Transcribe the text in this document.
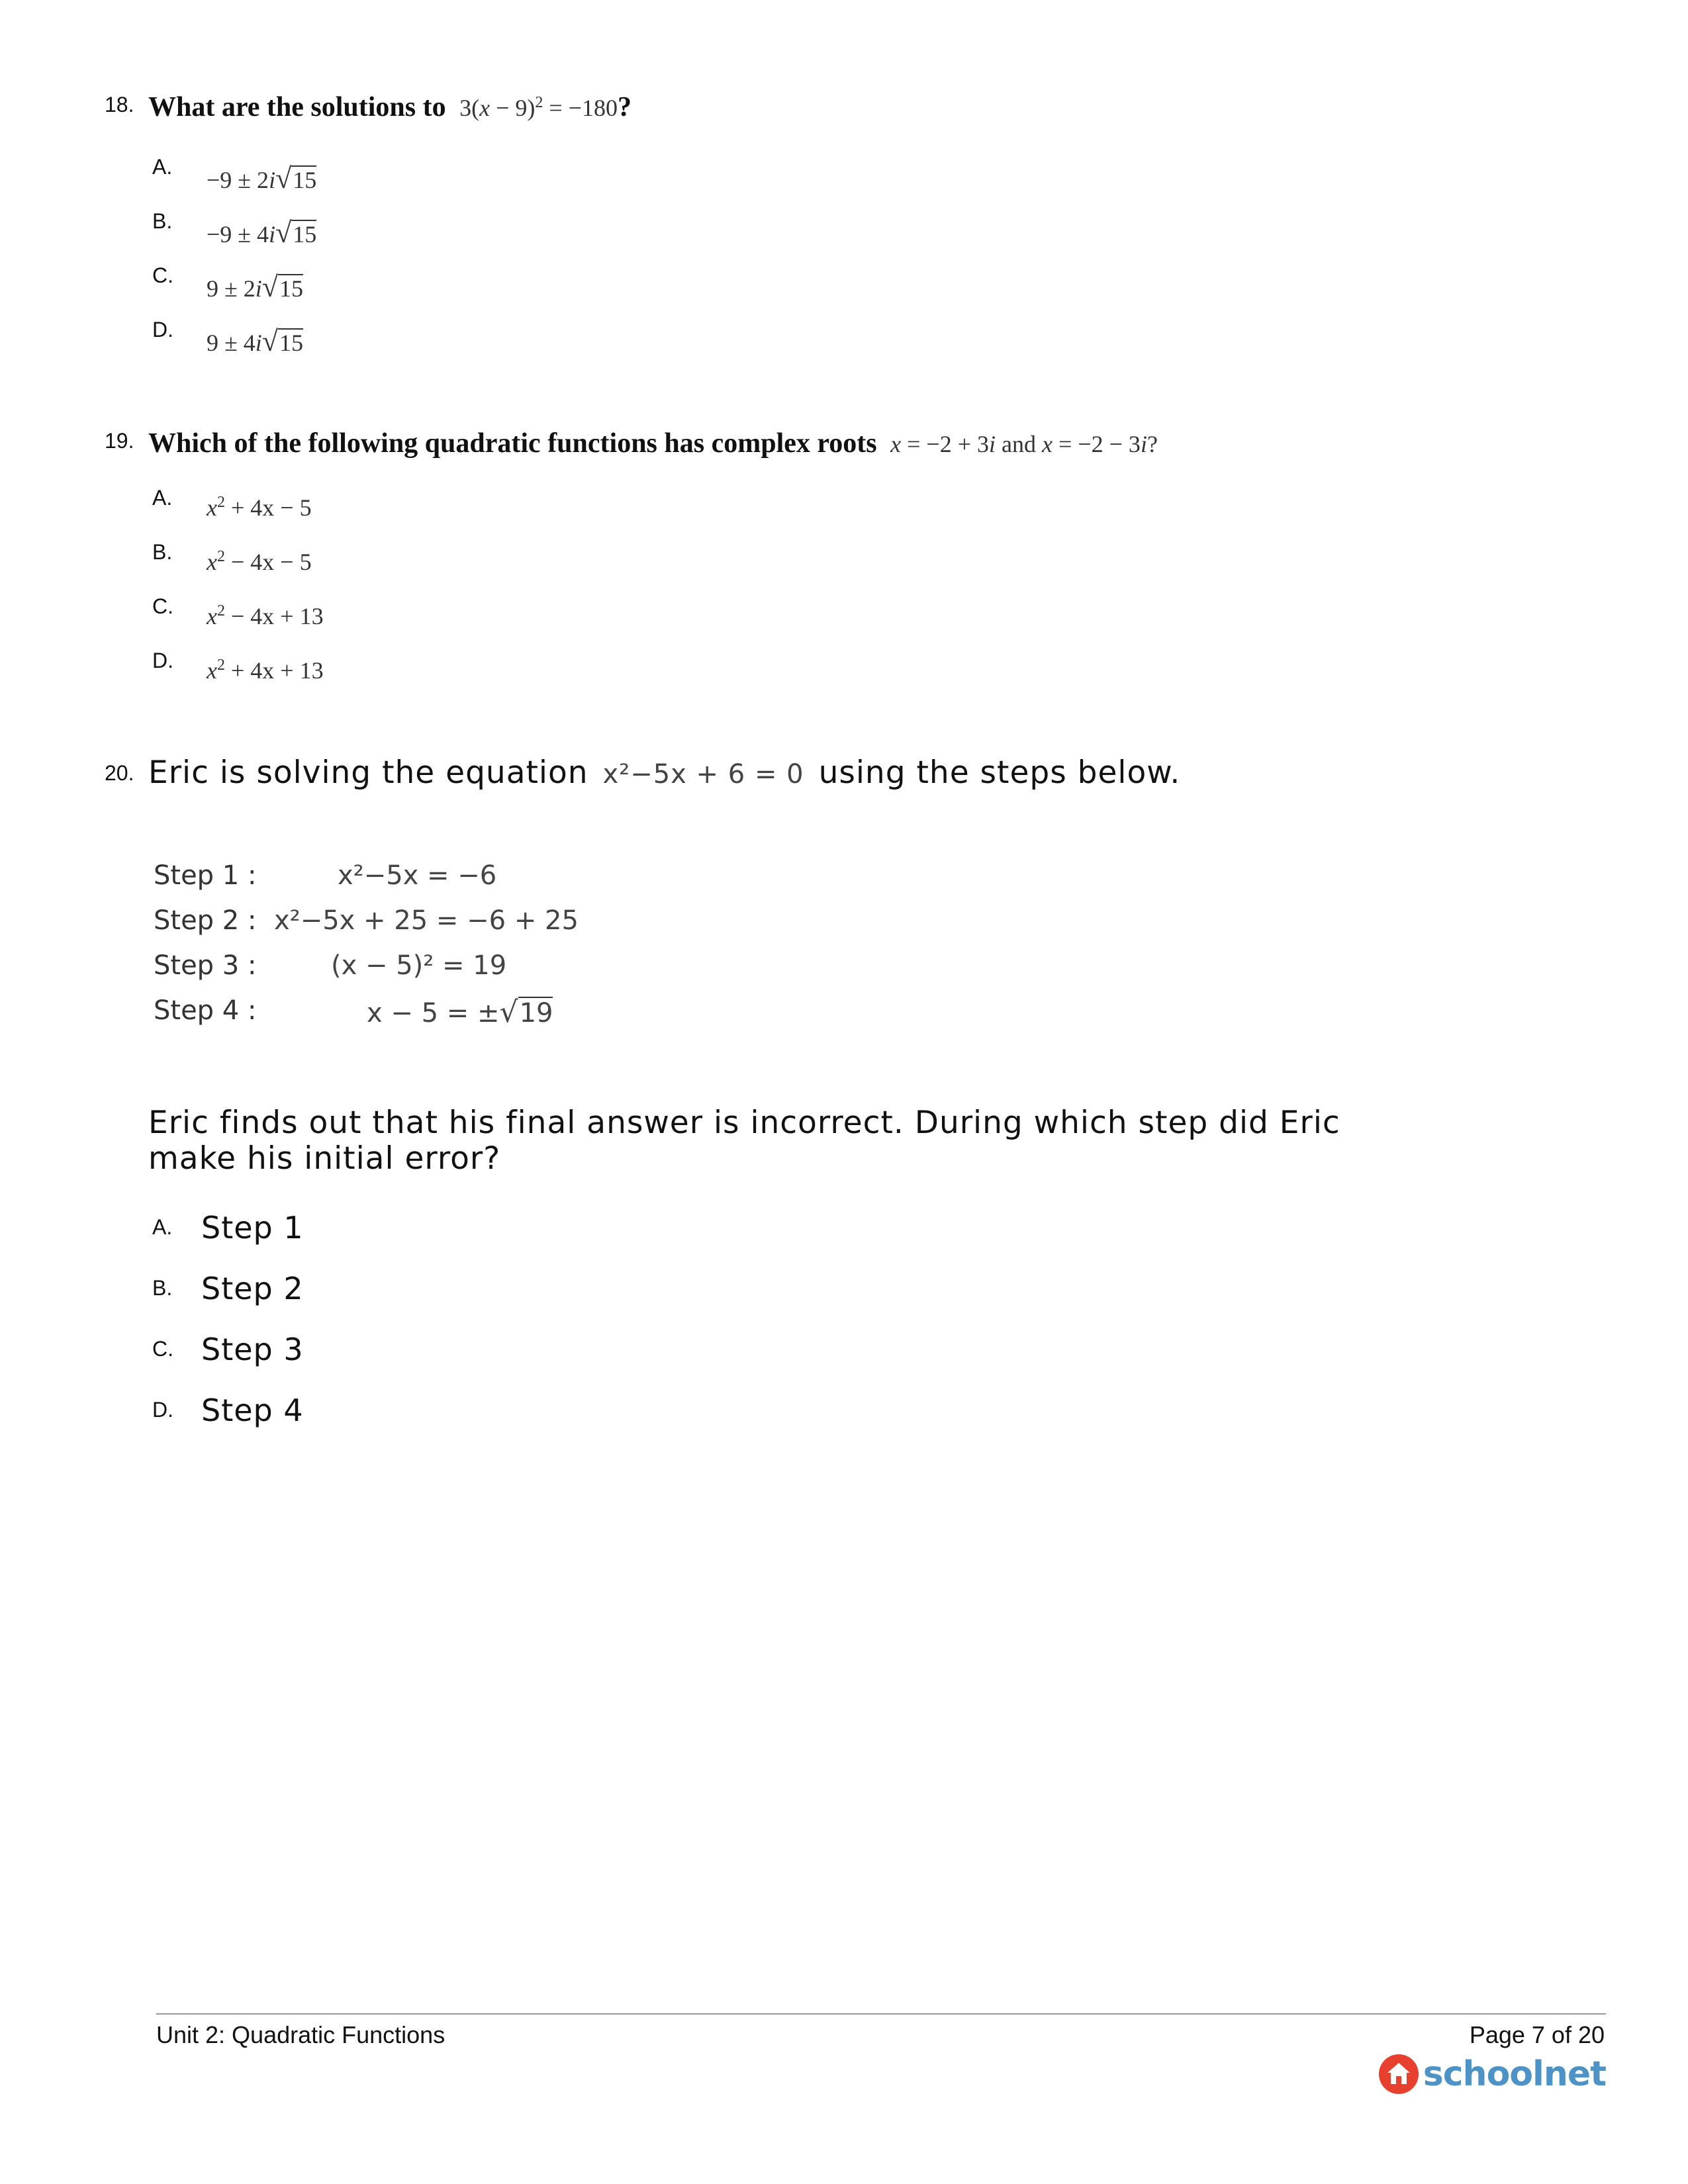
18. What are the solutions to $3(x - 9)^2 = -180$?
A. −9 ± 2i√15
B. −9 ± 4i√15
C. 9 ± 2i√15
D. 9 ± 4i√15
19. Which of the following quadratic functions has complex roots x = −2 + 3i and x = −2 − 3i?
A. $x^2 + 4x - 5$
B. $x^2 - 4x - 5$
C. $x^2 - 4x + 13$
D. $x^2 + 4x + 13$
20. Eric is solving the equation x²−5x + 6 = 0 using the steps below.
Step 1 :	x²−5x = −6
Step 2 : x²−5x + 25 = −6 + 25
Step 3 :	(x − 5)² = 19
Step 4 :	x − 5 = ±√19
Eric finds out that his final answer is incorrect. During which step did Eric
make his initial error?
A. Step 1
B. Step 2
C. Step 3
D. Step 4
Unit 2: Quadratic Functions	Page 7 of 20
schoolnet
